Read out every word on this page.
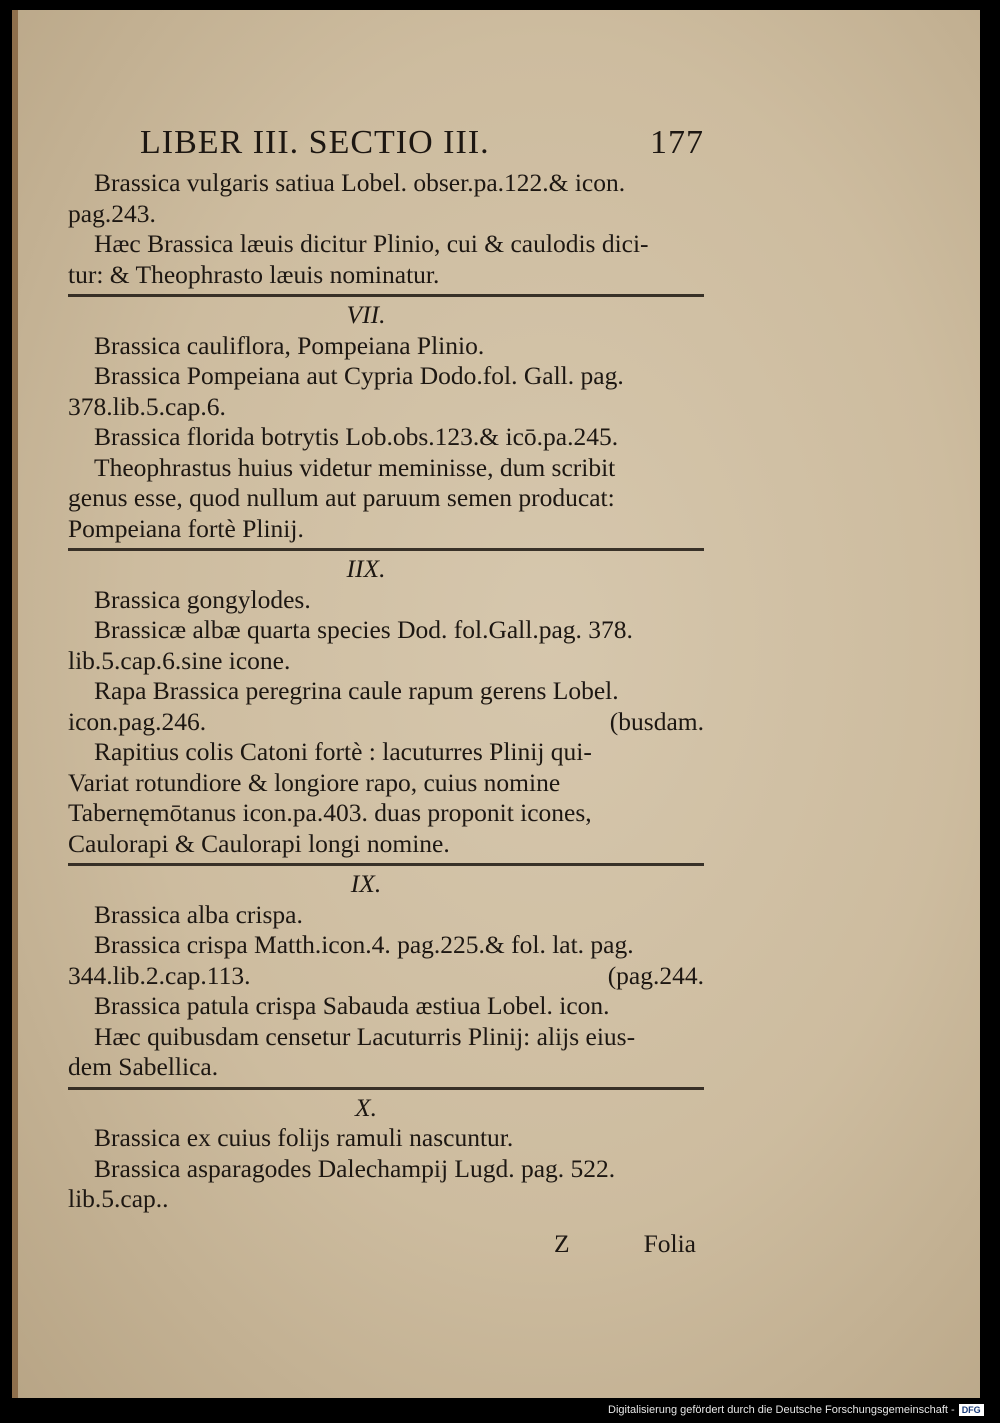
LIBER III. SECTIO III.	177
Brassica vulgaris satiua Lobel. obser.pa.122.& icon.
pag.243.
Hæc Brassica læuis dicitur Plinio, cui & caulodis dici-
tur: & Theophrasto læuis nominatur.
VII.
Brassica cauliflora, Pompeiana Plinio.
Brassica Pompeiana aut Cypria Dodo.fol. Gall. pag.
378.lib.5.cap.6.
Brassica florida botrytis Lob.obs.123.& icō.pa.245.
Theophrastus huius videtur meminisse, dum scribit
genus esse, quod nullum aut paruum semen producat:
Pompeiana fortè Plinij.
IIX.
Brassica gongylodes.
Brassicæ albæ quarta species Dod. fol.Gall.pag. 378.
lib.5.cap.6.sine icone.
Rapa Brassica peregrina caule rapum gerens Lobel.
icon.pag.246.	(busdam.
Rapitius colis Catoni fortè : lacuturres Plinij qui-
Variat rotundiore & longiore rapo, cuius nomine
Tabernęmōtanus icon.pa.403. duas proponit icones,
Caulorapi & Caulorapi longi nomine.
IX.
Brassica alba crispa.
Brassica crispa Matth.icon.4. pag.225.& fol. lat. pag.
344.lib.2.cap.113.	(pag.244.
Brassica patula crispa Sabauda æstiua Lobel. icon.
Hæc quibusdam censetur Lacuturris Plinij: alijs eius-
dem Sabellica.
X.
Brassica ex cuius folijs ramuli nascuntur.
Brassica asparagodes Dalechampij Lugd. pag. 522.
lib.5.cap..
Z	Folia
Digitalisierung gefördert durch die Deutsche Forschungsgemeinschaft - DFG
